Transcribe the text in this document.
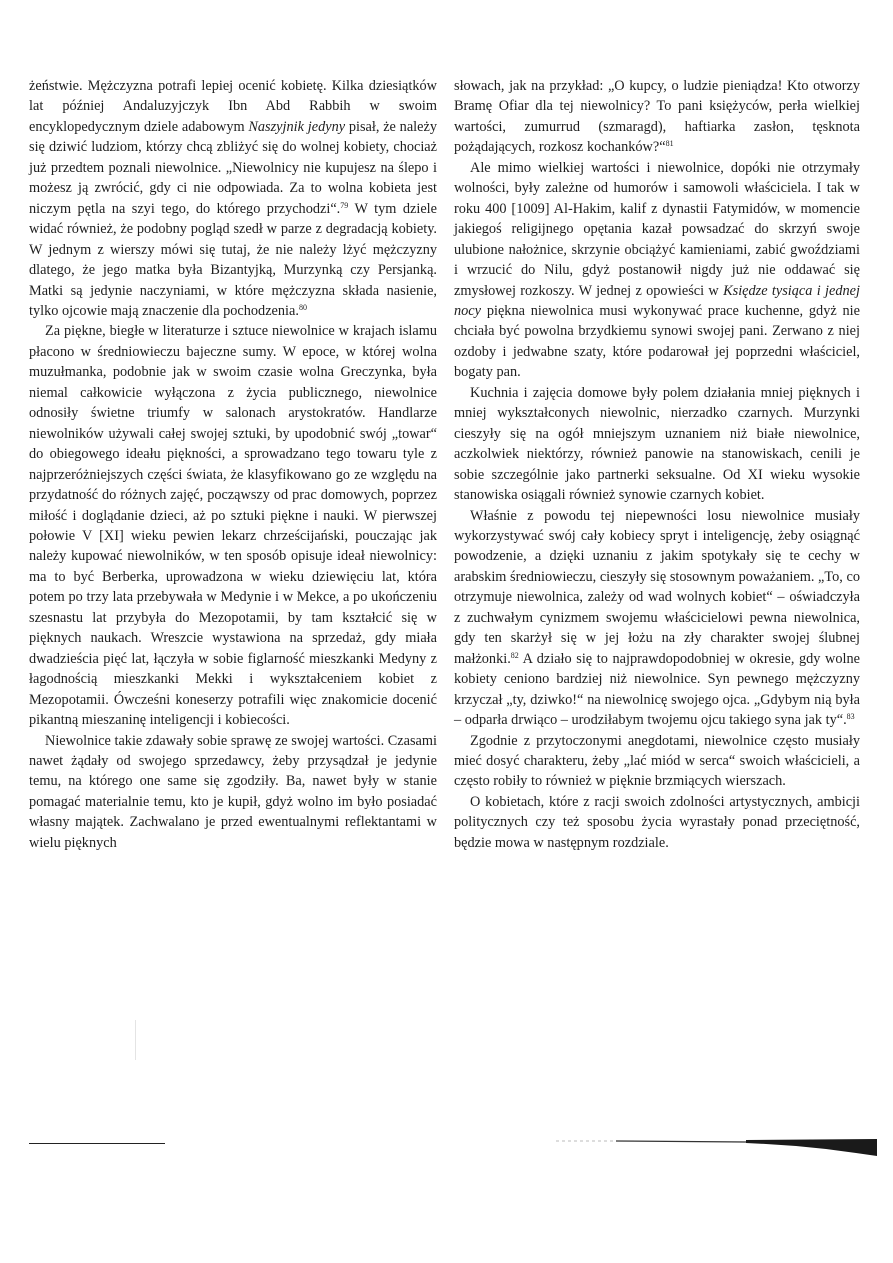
żeństwie. Mężczyzna potrafi lepiej ocenić kobietę. Kilka dziesiątków lat później Andaluzyjczyk Ibn Abd Rabbih w swoim encyklopedycznym dziele adabowym Naszyjnik jedyny pisał, że należy się dziwić ludziom, którzy chcą zbliżyć się do wolnej kobiety, chociaż już przedtem poznali niewolnice. „Niewolnicy nie kupujesz na ślepo i możesz ją zwrócić, gdy ci nie odpowiada. Za to wolna kobieta jest niczym pętla na szyi tego, do którego przychodzi“.$^{79}$ W tym dziele widać również, że podobny pogląd szedł w parze z degradacją kobiety. W jednym z wierszy mówi się tutaj, że nie należy lżyć mężczyzny dlatego, że jego matka była Bizantyjką, Murzynką czy Persjanką. Matki są jedynie naczyniami, w które mężczyzna składa nasienie, tylko ojcowie mają znaczenie dla pochodzenia.$^{80}$

Za piękne, biegłe w literaturze i sztuce niewolnice w krajach islamu płacono w średniowieczu bajeczne sumy. W epoce, w której wolna muzułmanka, podobnie jak w swoim czasie wolna Greczynka, była niemal całkowicie wyłączona z życia publicznego, niewolnice odnosiły świetne triumfy w salonach arystokratów. Handlarze niewolników używali całej swojej sztuki, by upodobnić swój „towar“ do obiegowego ideału piękności, a sprowadzano tego towaru tyle z najprzeróżniejszych części świata, że klasyfikowano go ze względu na przydatność do różnych zajęć, począwszy od prac domowych, poprzez miłość i doglądanie dzieci, aż po sztuki piękne i nauki. W pierwszej połowie V [XI] wieku pewien lekarz chrześcijański, pouczając jak należy kupować niewolników, w ten sposób opisuje ideał niewolnicy: ma to być Berberka, uprowadzona w wieku dziewięciu lat, która potem po trzy lata przebywała w Medynie i w Mekce, a po ukończeniu szesnastu lat przybyła do Mezopotamii, by tam kształcić się w pięknych naukach. Wreszcie wystawiona na sprzedaż, gdy miała dwadzieścia pięć lat, łączyła w sobie figlarność mieszkanki Medyny z łagodnością mieszkanki Mekki i wykształceniem kobiet z Mezopotamii. Ówcześni koneserzy potrafili więc znakomicie docenić pikantną mieszaninę inteligencji i kobiecości.

Niewolnice takie zdawały sobie sprawę ze swojej wartości. Czasami nawet żądały od swojego sprzedawcy, żeby przysądzał je jedynie temu, na którego one same się zgodziły. Ba, nawet były w stanie pomagać materialnie temu, kto je kupił, gdyż wolno im było posiadać własny majątek. Zachwalano je przed ewentualnymi reflektantami w wielu pięknych

słowach, jak na przykład: „O kupcy, o ludzie pieniądza! Kto otworzy Bramę Ofiar dla tej niewolnicy? To pani księżyców, perła wielkiej wartości, zumurrud (szmaragd), haftiarka zasłon, tęsknota pożądających, rozkosz kochanków?“$^{81}$

Ale mimo wielkiej wartości i niewolnice, dopóki nie otrzymały wolności, były zależne od humorów i samowoli właściciela. I tak w roku 400 [1009] Al-Hakim, kalif z dynastii Fatymidów, w momencie jakiegoś religijnego opętania kazał powsadzać do skrzyń swoje ulubione nałożnice, skrzynie obciążyć kamieniami, zabić gwoździami i wrzucić do Nilu, gdyż postanowił nigdy już nie oddawać się zmysłowej rozkoszy. W jednej z opowieści w Księdze tysiąca i jednej nocy piękna niewolnica musi wykonywać prace kuchenne, gdyż nie chciała być powolna brzydkiemu synowi swojej pani. Zerwano z niej ozdoby i jedwabne szaty, które podarował jej poprzedni właściciel, bogaty pan.

Kuchnia i zajęcia domowe były polem działania mniej pięknych i mniej wykształconych niewolnic, nierzadko czarnych. Murzynki cieszyły się na ogół mniejszym uznaniem niż białe niewolnice, aczkolwiek niektórzy, również panowie na stanowiskach, cenili je sobie szczególnie jako partnerki seksualne. Od XI wieku wysokie stanowiska osiągali również synowie czarnych kobiet.

Właśnie z powodu tej niepewności losu niewolnice musiały wykorzystywać swój cały kobiecy spryt i inteligencję, żeby osiągnąć powodzenie, a dzięki uznaniu z jakim spotykały się te cechy w arabskim średniowieczu, cieszyły się stosownym poważaniem. „To, co otrzymuje niewolnica, zależy od wad wolnych kobiet“ – oświadczyła z zuchwałym cynizmem swojemu właścicielowi pewna niewolnica, gdy ten skarżył się w jej łożu na zły charakter swojej ślubnej małżonki.$^{82}$ A działo się to najprawdopodobniej w okresie, gdy wolne kobiety ceniono bardziej niż niewolnice. Syn pewnego mężczyzny krzyczał „ty, dziwko!“ na niewolnicę swojego ojca. „Gdybym nią była – odparła drwiąco – urodziłabym twojemu ojcu takiego syna jak ty“.$^{83}$

Zgodnie z przytoczonymi anegdotami, niewolnice często musiały mieć dosyć charakteru, żeby „lać miód w serca“ swoich właścicieli, a często robiły to również w pięknie brzmiących wierszach.

O kobietach, które z racji swoich zdolności artystycznych, ambicji politycznych czy też sposobu życia wyrastały ponad przeciętność, będzie mowa w następnym rozdziale.
